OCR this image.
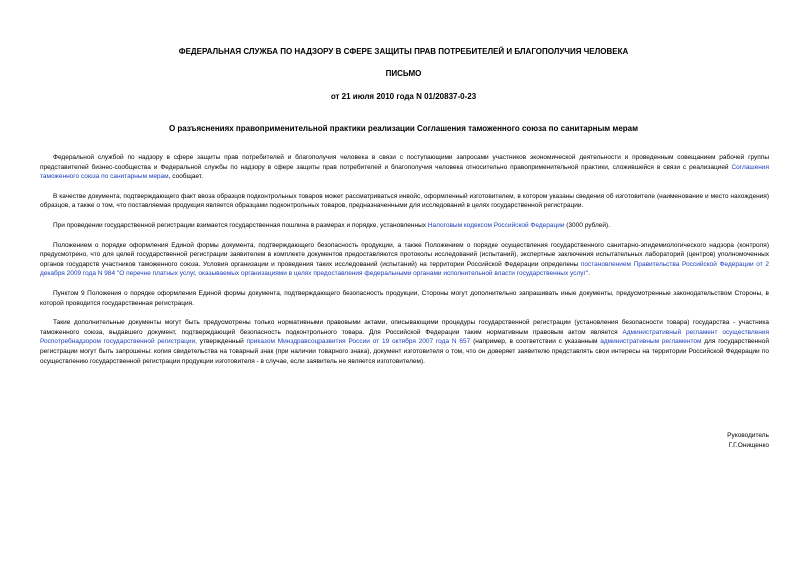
ФЕДЕРАЛЬНАЯ СЛУЖБА ПО НАДЗОРУ В СФЕРЕ ЗАЩИТЫ ПРАВ ПОТРЕБИТЕЛЕЙ И БЛАГОПОЛУЧИЯ ЧЕЛОВЕКА
ПИСЬМО
от 21 июля 2010 года N 01/20837-0-23
О разъяснениях правоприменительной практики реализации Соглашения таможенного союза по санитарным мерам

Федеральной службой по надзору в сфере защиты прав потребителей и благополучия человека в связи с поступающими запросами участников экономической деятельности и проведенным совещанием рабочей группы представителей бизнес-сообщества и Федеральной службы по надзору в сфере защиты прав потребителей и благополучия человека относительно правоприменительной практики, сложившейся в связи с реализацией Соглашения таможенного союза по санитарным мерам, сообщает.

В качестве документа, подтверждающего факт ввоза образцов подконтрольных товаров может рассматриваться инвойс, оформленный изготовителем, в котором указаны сведения об изготовителе (наименование и место нахождения) образцов, а также о том, что поставляемая продукция является образцами подконтрольных товаров, предназначенными для исследований в целях государственной регистрации.

При проведении государственной регистрации взимается государственная пошлина в размерах и порядке, установленных Налоговым кодексом Российской Федерации (3000 рублей).

Положением о порядке оформления Единой формы документа, подтверждающего безопасность продукции, а также Положением о порядке осуществления государственного санитарно-эпидемиологического надзора (контроля) предусмотрено, что для целей государственной регистрации заявителем в комплекте документов предоставляются протоколы исследований (испытаний), экспертные заключения испытательных лабораторий (центров) уполномоченных органов государств участников таможенного союза. Условия организации и проведения таких исследований (испытаний) на территории Российской Федерации определены постановлением Правительства Российской Федерации от 2 декабря 2009 года N 984 "О перечне платных услуг, оказываемых организациями в целях предоставления федеральными органами исполнительной власти государственных услуг".

Пунктом 9 Положения о порядке оформления Единой формы документа, подтверждающего безопасность продукции, Стороны могут дополнительно запрашивать иные документы, предусмотренные законодательством Стороны, в которой проводится государственная регистрация.

Такие дополнительные документы могут быть предусмотрены только нормативными правовыми актами, описывающими процедуры государственной регистрации (установления безопасности товара) государства - участника таможенного союза, выдавшего документ, подтверждающий безопасность подконтрольного товара. Для Российской Федерации таким нормативным правовым актом является Административный регламент осуществления Роспотребнадзором государственной регистрации, утвержденный приказом Минздравсоцразвития России от 19 октября 2007 года N 657 (например, в соответствии с указанным административным регламентом для государственной регистрации могут быть запрошены: копия свидетельства на товарный знак (при наличии товарного знака), документ изготовителя о том, что он доверяет заявителю представлять свои интересы на территории Российской Федерации по осуществлению государственной регистрации продукции изготовителя - в случае, если заявитель не является изготовителем).

Руководитель
Г.Г.Онищенко
